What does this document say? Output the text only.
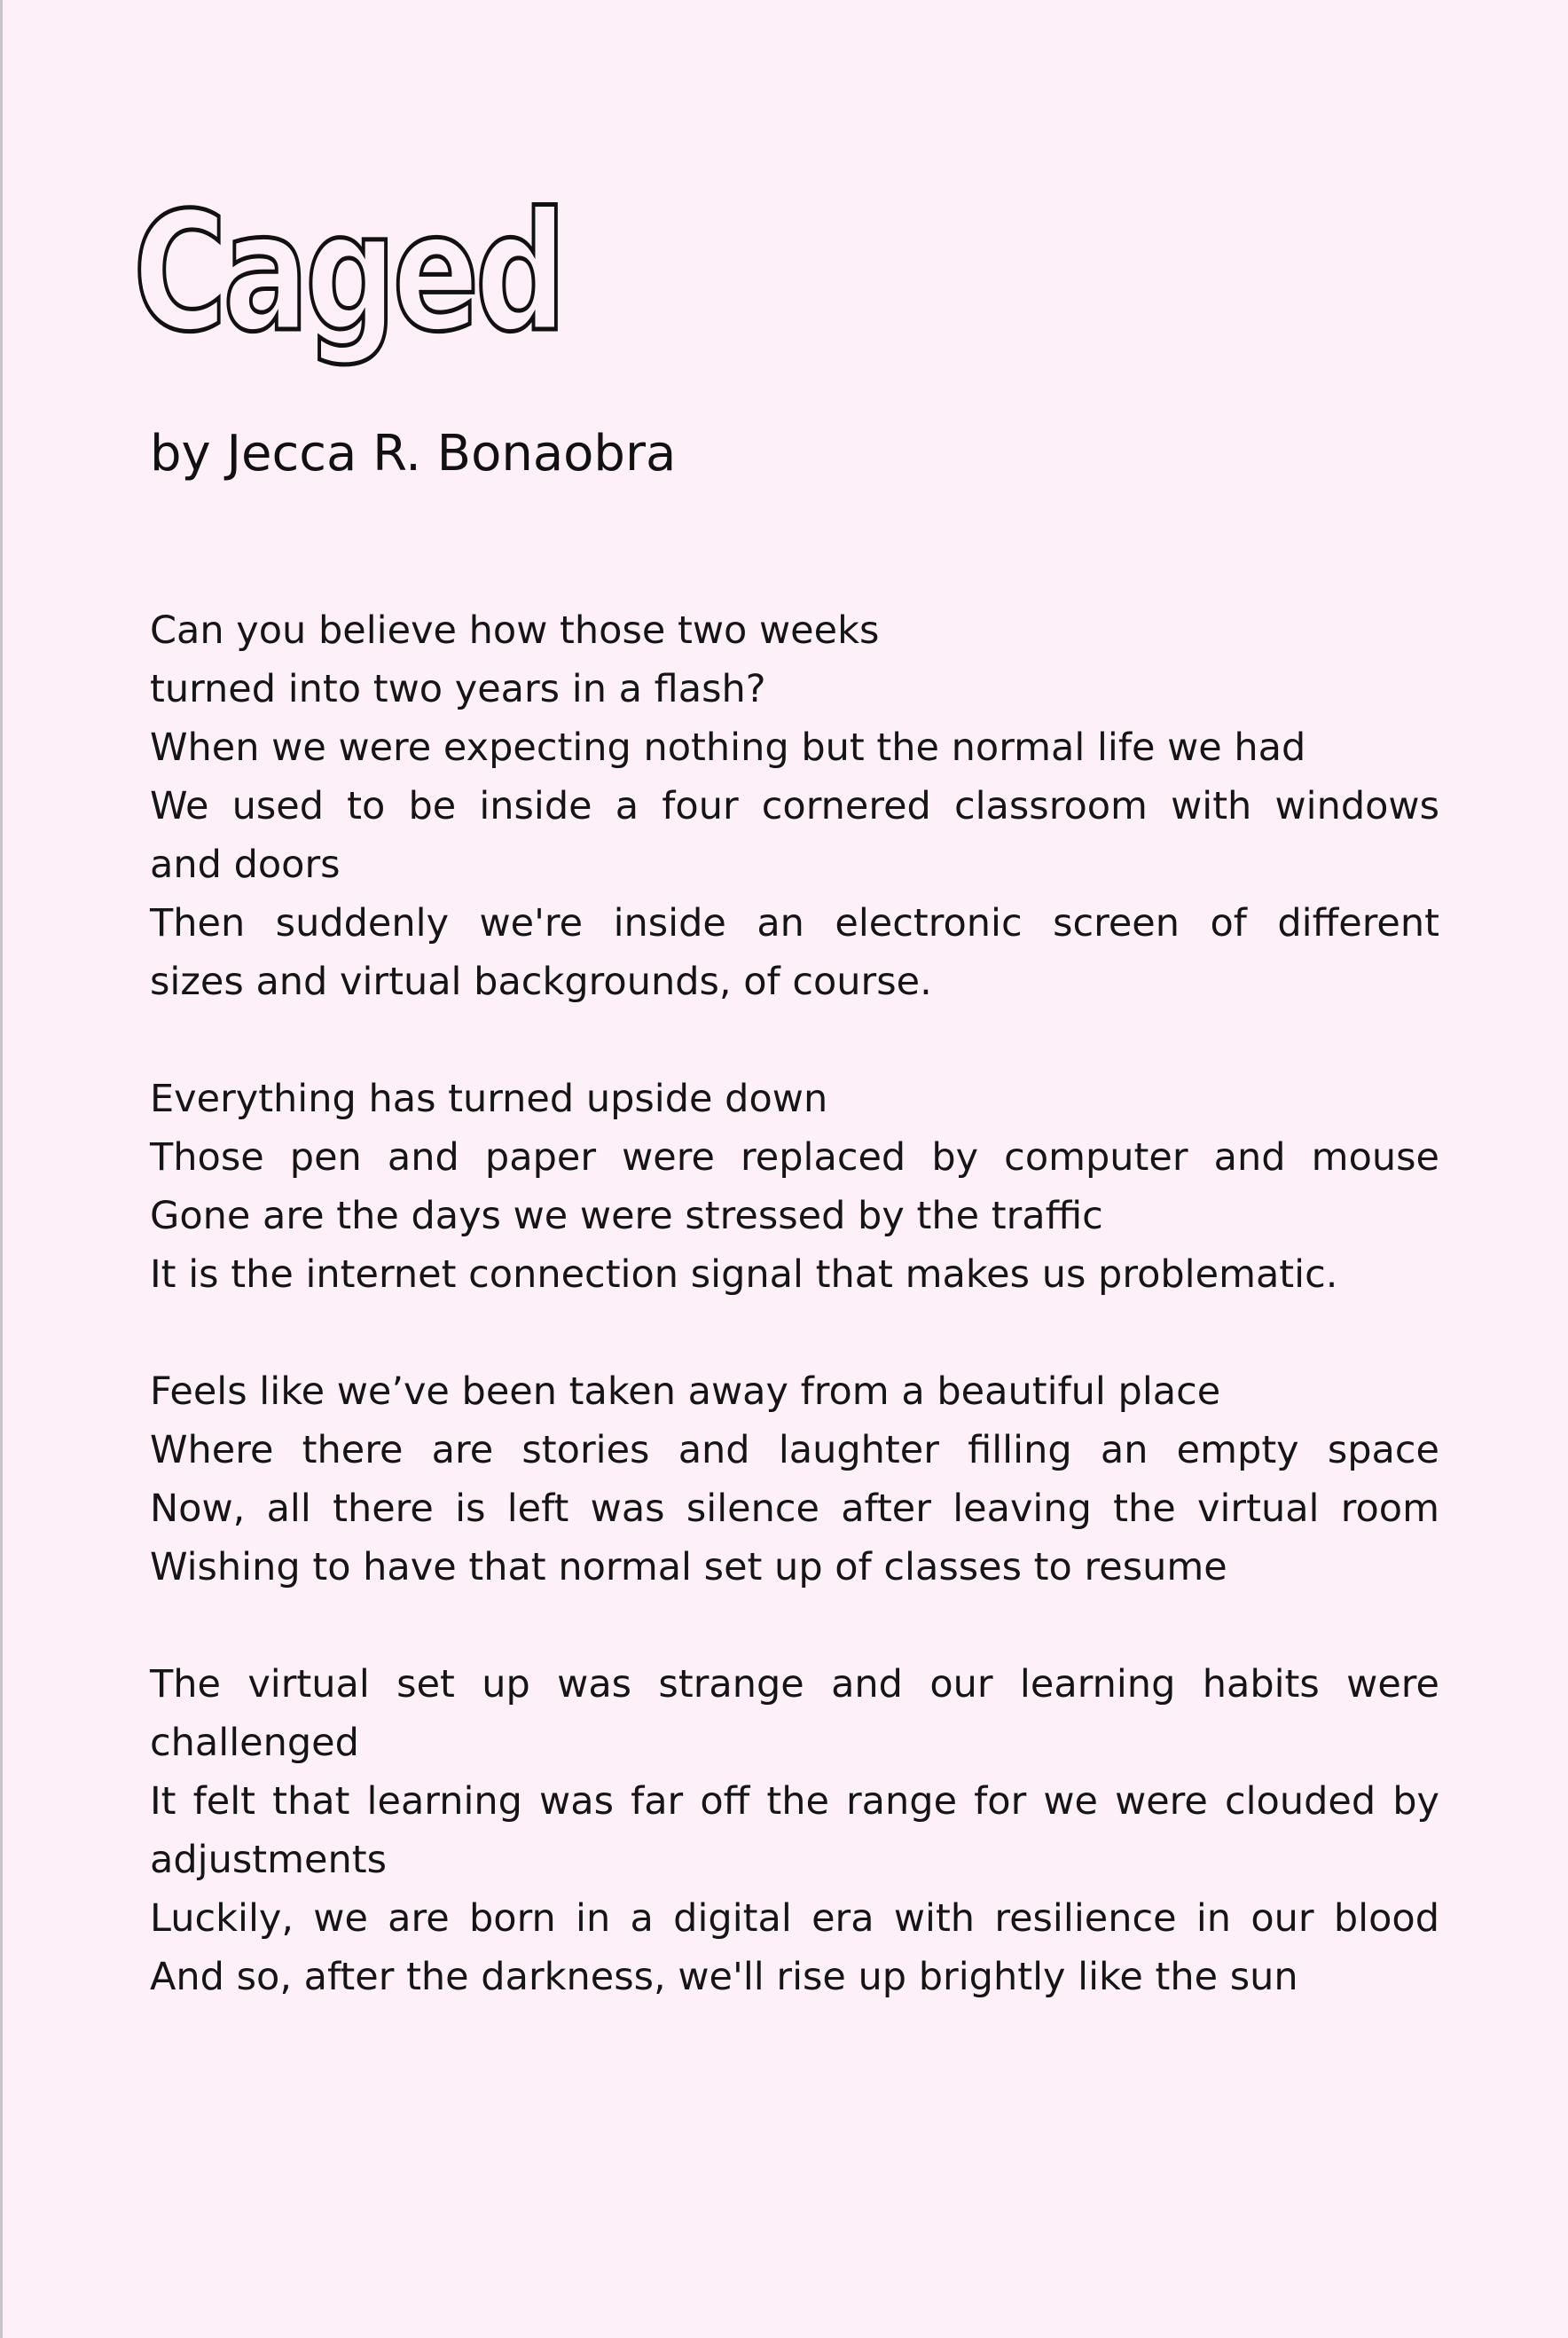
Caged

by Jecca R. Bonaobra

Can you believe how those two weeks
turned into two years in a flash?
When we were expecting nothing but the normal life we had
We used to be inside a four cornered classroom with windows
and doors
Then suddenly we're inside an electronic screen of different
sizes and virtual backgrounds, of course.
Everything has turned upside down
Those pen and paper were replaced by computer and mouse
Gone are the days we were stressed by the traffic
It is the internet connection signal that makes us problematic.
Feels like we’ve been taken away from a beautiful place
Where there are stories and laughter filling an empty space
Now, all there is left was silence after leaving the virtual room
Wishing to have that normal set up of classes to resume
The virtual set up was strange and our learning habits were
challenged
It felt that learning was far off the range for we were clouded by
adjustments
Luckily, we are born in a digital era with resilience in our blood
And so, after the darkness, we'll rise up brightly like the sun
